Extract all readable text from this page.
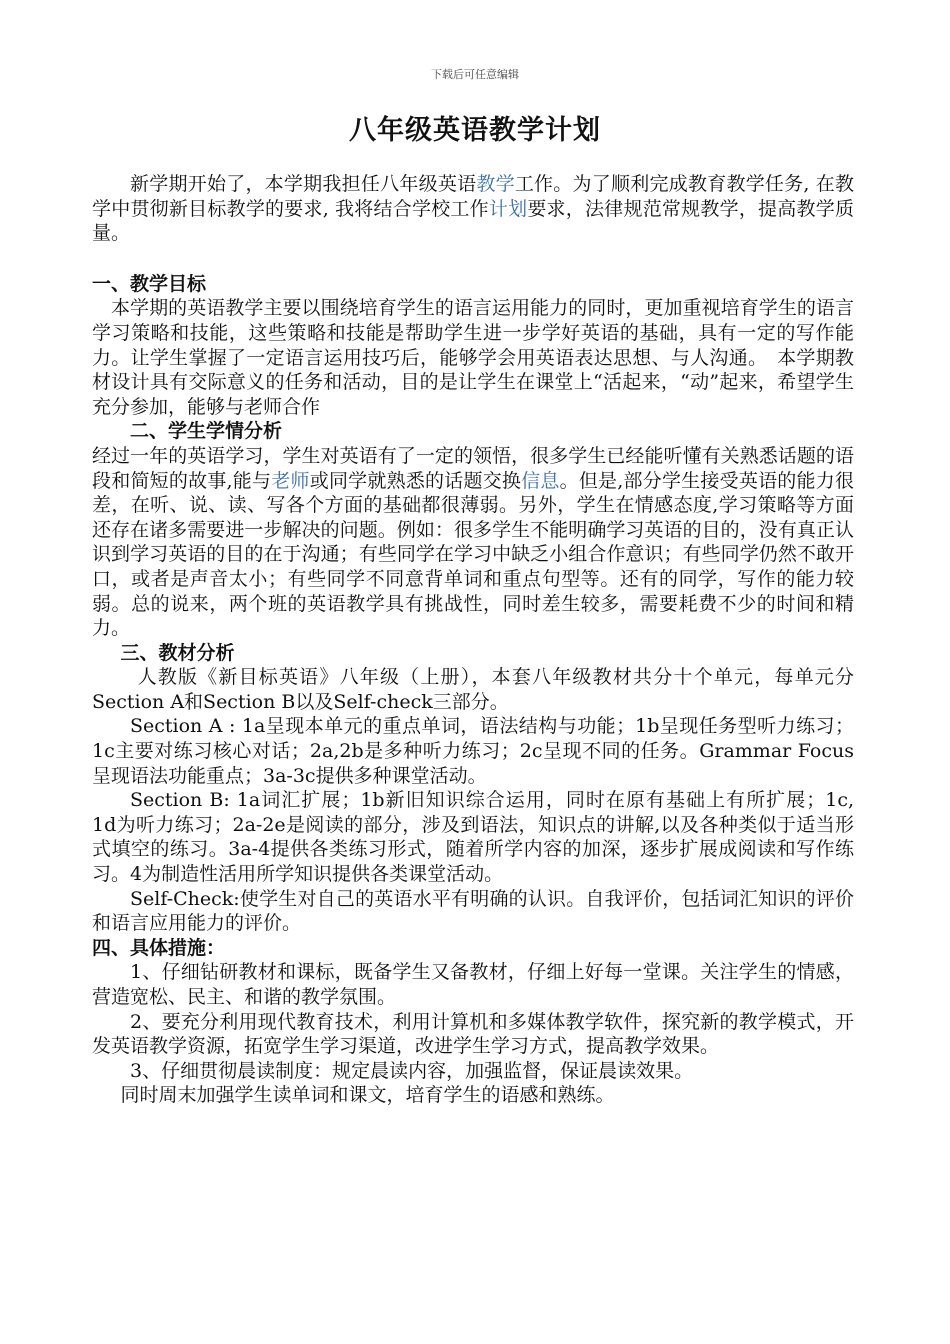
下载后可任意编辑
八年级英语教学计划

新学期开始了，本学期我担任八年级英语教学工作。为了顺利完成教育教学任务, 在教学中贯彻新目标教学的要求, 我将结合学校工作计划要求，法律规范常规教学，提高教学质量。

一、教学目标

本学期的英语教学主要以围绕培育学生的语言运用能力的同时，更加重视培育学生的语言学习策略和技能，这些策略和技能是帮助学生进一步学好英语的基础，具有一定的写作能力。让学生掌握了一定语言运用技巧后，能够学会用英语表达思想、与人沟通。　本学期教材设计具有交际意义的任务和活动，目的是让学生在课堂上“活起来，“动”起来，希望学生充分参加，能够与老师合作

二、学生学情分析

经过一年的英语学习，学生对英语有了一定的领悟，很多学生已经能听懂有关熟悉话题的语段和简短的故事,能与老师或同学就熟悉的话题交换信息。但是,部分学生接受英语的能力很差，在听、说、读、写各个方面的基础都很薄弱。另外，学生在情感态度,学习策略等方面还存在诸多需要进一步解决的问题。例如：很多学生不能明确学习英语的目的，没有真正认识到学习英语的目的在于沟通；有些同学在学习中缺乏小组合作意识；有些同学仍然不敢开口，或者是声音太小；有些同学不同意背单词和重点句型等。还有的同学，写作的能力较弱。总的说来，两个班的英语教学具有挑战性，同时差生较多，需要耗费不少的时间和精力。

三、教材分析

人教版《新目标英语》八年级（上册），本套八年级教材共分十个单元，每单元分Section A和Section B以及Self-check三部分。

Section A : 1a呈现本单元的重点单词，语法结构与功能；1b呈现任务型听力练习；1c主要对练习核心对话；2a,2b是多种听力练习；2c呈现不同的任务。Grammar Focus 呈现语法功能重点；3a-3c提供多种课堂活动。

Section B: 1a词汇扩展；1b新旧知识综合运用，同时在原有基础上有所扩展；1c, 1d为听力练习；2a-2e是阅读的部分，涉及到语法，知识点的讲解,以及各种类似于适当形式填空的练习。3a-4提供各类练习形式，随着所学内容的加深，逐步扩展成阅读和写作练习。4为制造性活用所学知识提供各类课堂活动。

Self-Check:使学生对自己的英语水平有明确的认识。自我评价，包括词汇知识的评价和语言应用能力的评价。

四、具体措施：

1、仔细钻研教材和课标，既备学生又备教材，仔细上好每一堂课。关注学生的情感，营造宽松、民主、和谐的教学氛围。

2、要充分利用现代教育技术，利用计算机和多媒体教学软件，探究新的教学模式，开发英语教学资源，拓宽学生学习渠道，改进学生学习方式，提高教学效果。

3、仔细贯彻晨读制度：规定晨读内容，加强监督，保证晨读效果。

同时周末加强学生读单词和课文，培育学生的语感和熟练。
